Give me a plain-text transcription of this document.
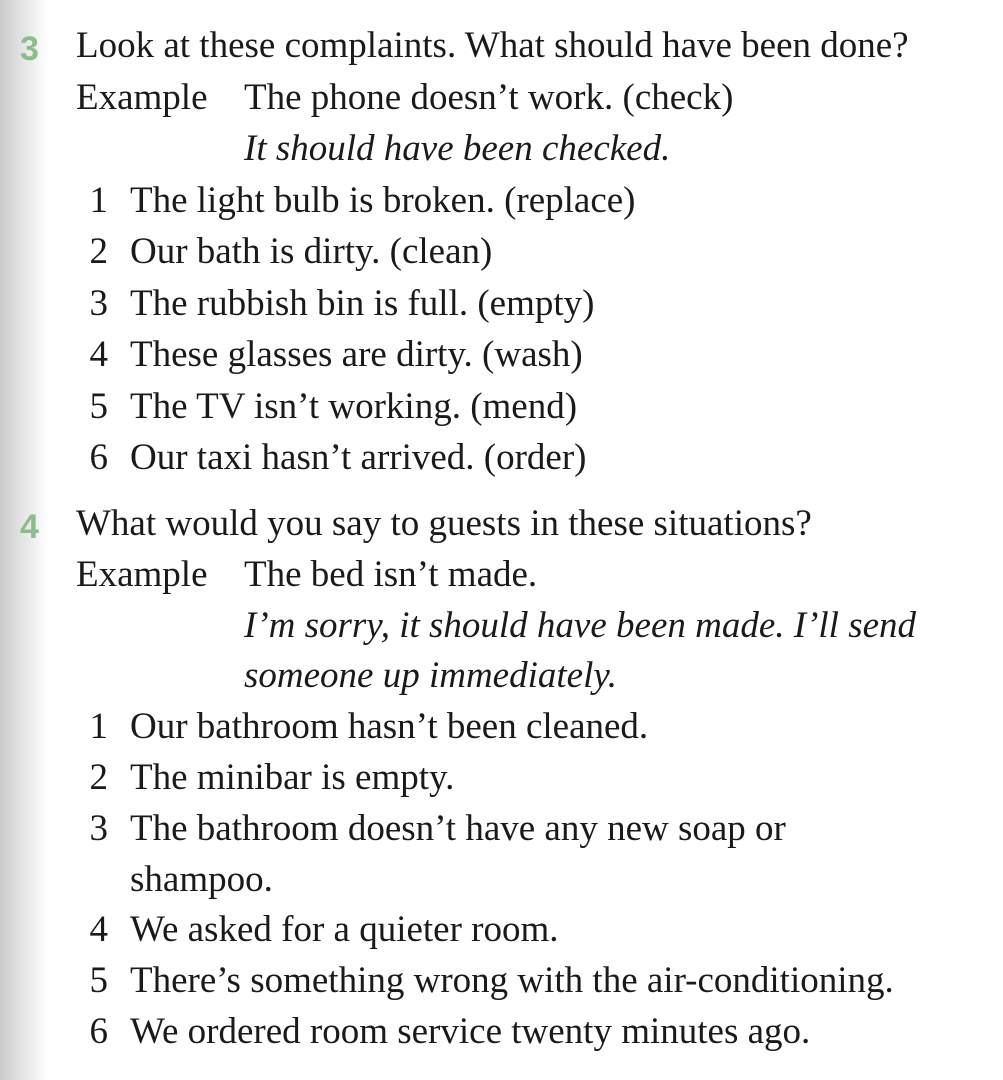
3 Look at these complaints. What should have been done?
Example The phone doesn’t work. (check)
It should have been checked.
1 The light bulb is broken. (replace)
2 Our bath is dirty. (clean)
3 The rubbish bin is full. (empty)
4 These glasses are dirty. (wash)
5 The TV isn’t working. (mend)
6 Our taxi hasn’t arrived. (order)
4 What would you say to guests in these situations?
Example The bed isn’t made.
I’m sorry, it should have been made. I’ll send
someone up immediately.
1 Our bathroom hasn’t been cleaned.
2 The minibar is empty.
3 The bathroom doesn’t have any new soap or
shampoo.
4 We asked for a quieter room.
5 There’s something wrong with the air-conditioning.
6 We ordered room service twenty minutes ago.
